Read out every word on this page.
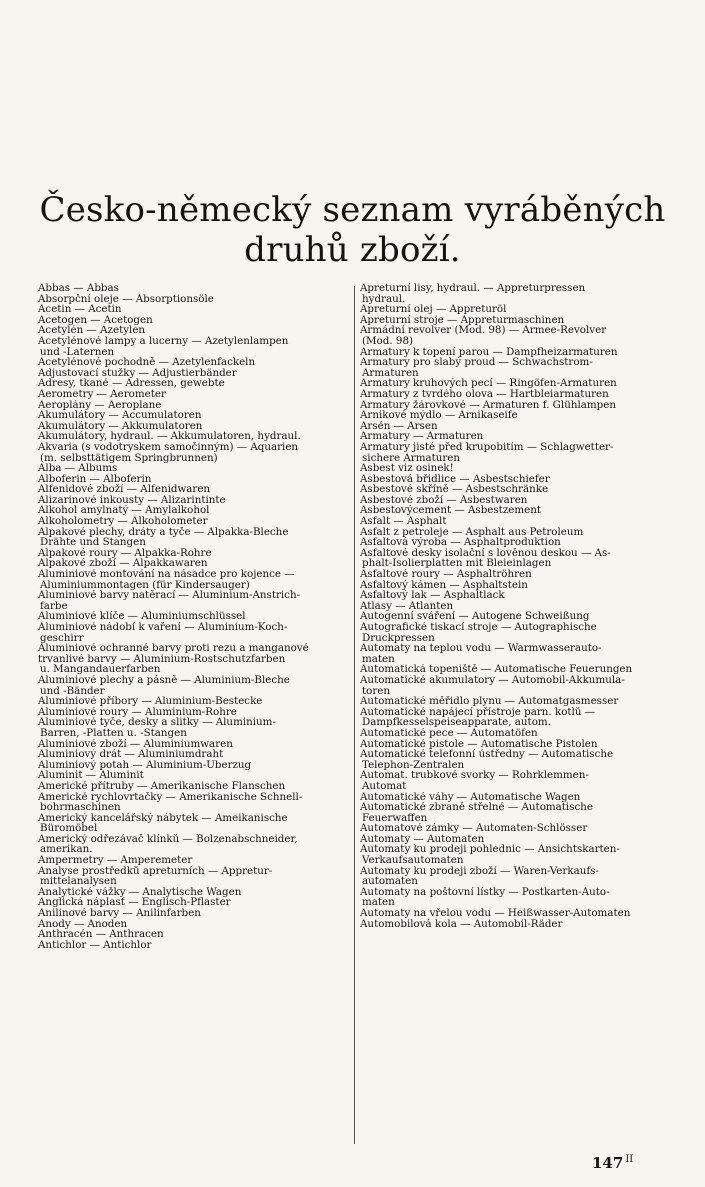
Česko-německý seznam vyráběných
druhů zboží.
Abbas — Abbas
Absorpční oleje — Absorptionsöle
Acetin — Acetin
Acetogen — Acetogen
Acetylén — Azetylen
Acetylénové lampy a lucerny — Azetylenlampen
und -Laternen
Acetylénové pochodně — Azetylenfackeln
Adjustovací stužky — Adjustierbänder
Adresy, tkané — Adressen, gewebte
Aerometry — Aerometer
Aeroplány — Aeroplane
Akumulátory — Accumulatoren
Akumulátory — Akkumulatoren
Akumulátory, hydraul. — Akkumulatoren, hydraul.
Akvaria (s vodotryskem samočinným) — Aquarien
(m. selbsttätigem Springbrunnen)
Alba — Albums
Alboferin — Alboferin
Alfenidové zboží — Alfenidwaren
Alizarinové inkousty — Alizarintinte
Alkohol amylnatý — Amylalkohol
Alkoholometry — Alkoholometer
Alpakové plechy, dráty a tyče — Alpakka-Bleche
Drähte und Stangen
Alpakové roury — Alpakka-Rohre
Alpakové zboží — Alpakkawaren
Aluminiové montování na násadce pro kojence —
Aluminiummontagen (für Kindersauger)
Aluminiové barvy natěrací — Aluminium-Anstrich-
farbe
Aluminiové klíče — Aluminiumschlüssel
Aluminiové nádobí k vaření — Aluminium-Koch-
geschirr
Aluminiové ochranné barvy proti rezu a manganové
trvanlivé barvy — Aluminium-Rostschutzfarben
u. Mangandauerfarben
Aluminiové plechy a pásně — Aluminium-Bleche
und -Bänder
Aluminiové příbory — Aluminium-Bestecke
Aluminiové roury — Aluminium-Rohre
Aluminiové tyče, desky a slitky — Aluminium-
Barren, -Platten u. -Stangen
Aluminiové zboží — Aluminiumwaren
Aluminiový drát — Aluminiumdraht
Aluminiový potah — Aluminium-Überzug
Aluminit — Aluminit
Americké přítruby — Amerikanische Flanschen
Americké rychlovrtačky — Amerikanische Schnell-
bohrmaschinen
Americký kancelářský nábytek — Ameikanische
Büromöbel
Americký odřezávač klínků — Bolzenabschneider,
amerikan.
Ampermetry — Amperemeter
Analyse prostředků apreturních — Appretur-
mittelanalysen
Analytické vážky — Analytische Wagen
Anglická náplasť — Englisch-Pflaster
Anilinové barvy — Anilinfarben
Anody — Anoden
Anthracén — Anthracen
Antichlor — Antichlor
Apreturní lisy, hydraul. — Appreturpressen
hydraul.
Apreturní olej — Appreturöl
Apreturní stroje — Appreturmaschinen
Armádní revolver (Mod. 98) — Armee-Revolver
(Mod. 98)
Armatury k topení parou — Dampfheizarmaturen
Armatury pro slabý proud — Schwachstrom-
Armaturen
Armatury kruhových pecí — Ringöfen-Armaturen
Armatury z tvrdého olova — Hartbleiarmaturen
Armatury žárovkové — Armaturen f. Glühlampen
Arnikové mýdlo — Arnikaseife
Arsén — Arsen
Armatury — Armaturen
Armatury jisté před krupobitím — Schlagwetter-
sichere Armaturen
Asbest viz osinek!
Asbestová břidlice — Asbestschiefer
Asbestové skříně — Asbestschränke
Asbestové zboží — Asbestwaren
Asbestovýcement — Asbestzement
Asfalt — Asphalt
Asfalt z petroleje — Asphalt aus Petroleum
Asfaltová výroba — Asphaltproduktion
Asfaltové desky isolační s lověnou deskou — As-
phalt-Isolierplatten mit Bleieinlagen
Asfaltové roury — Asphaltröhren
Asfaltový kámen — Asphaltstein
Asfaltový lak — Asphaltlack
Atlasy — Atlanten
Autogenní sváření — Autogene Schweißung
Autografické tiskací stroje — Autographische
Druckpressen
Automaty na teplou vodu — Warmwasserauto-
maten
Automatická topeniště — Automatische Feuerungen
Automatické akumulatory — Automobil-Akkumula-
toren
Automatické měřidlo plynu — Automatgasmesser
Automatické napájecí přístroje parn. kotlů —
Dampfkesselspeiseapparate, autom.
Automatické pece — Automatöfen
Automatické pistole — Automatische Pistolen
Automatické telefonní ústředny — Automatische
Telephon-Zentralen
Automat. trubkové svorky — Rohrklemmen-
Automat
Automatické váhy — Automatische Wagen
Automatické zbraně střelné — Automatische
Feuerwaffen
Automatové zámky — Automaten-Schlösser
Automaty — Automaten
Automaty ku prodeji pohlednic — Ansichtskarten-
Verkaufsautomaten
Automaty ku prodeji zboží — Waren-Verkaufs-
automaten
Automaty na poštovní lístky — Postkarten-Auto-
maten
Automaty na vřelou vodu — Heißwasser-Automaten
Automobilová kola — Automobil-Räder
147 $^{II}$
